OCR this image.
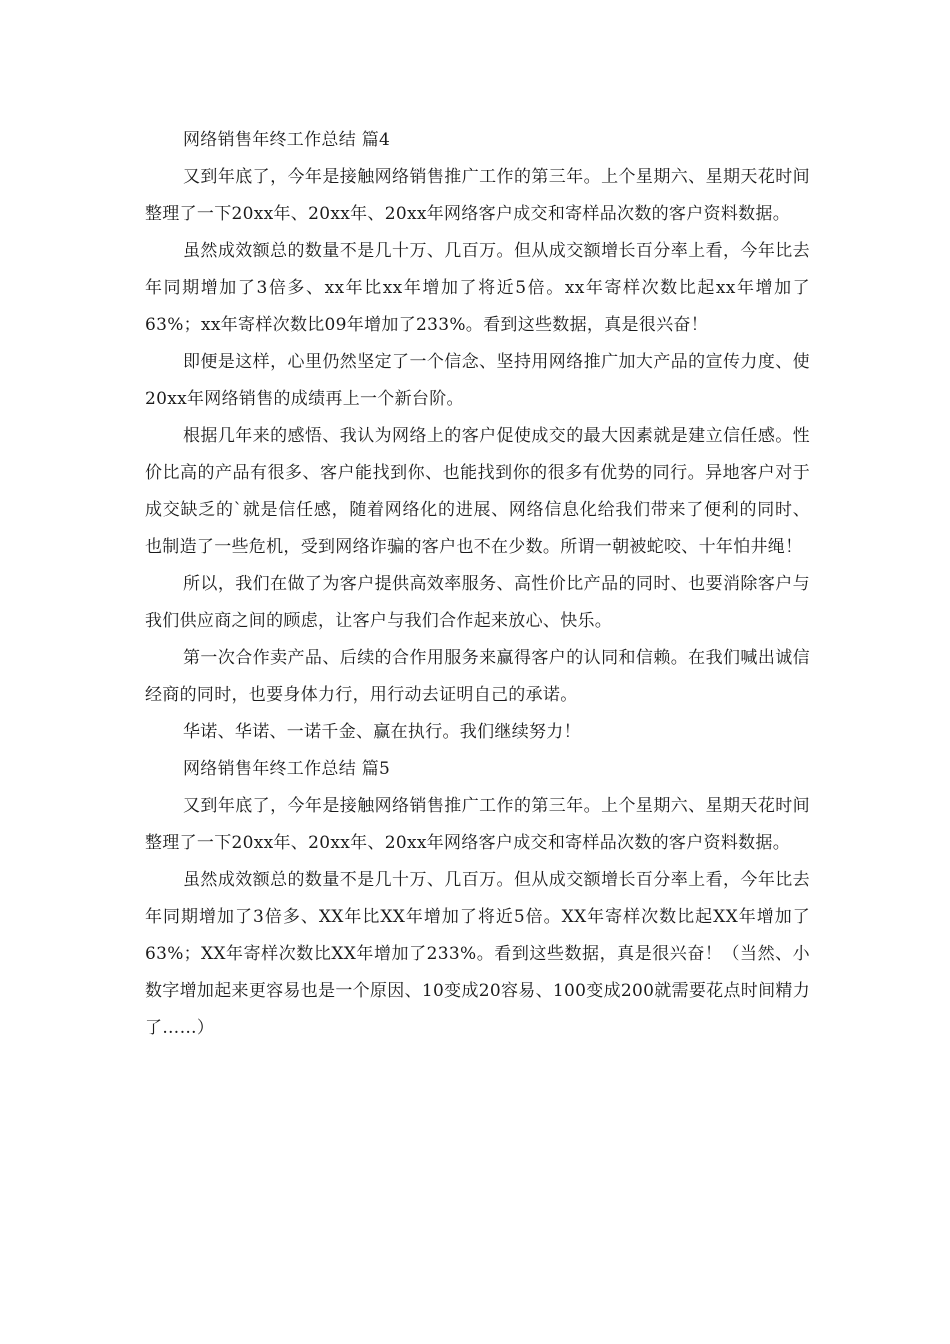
网络销售年终工作总结 篇4

又到年底了，今年是接触网络销售推广工作的第三年。上个星期六、星期天花时间整理了一下20xx年、20xx年、20xx年网络客户成交和寄样品次数的客户资料数据。

虽然成效额总的数量不是几十万、几百万。但从成交额增长百分率上看，今年比去年同期增加了3倍多、xx年比xx年增加了将近5倍。xx年寄样次数比起xx年增加了63%；xx年寄样次数比09年增加了233%。看到这些数据，真是很兴奋！

即便是这样，心里仍然坚定了一个信念、坚持用网络推广加大产品的宣传力度、使20xx年网络销售的成绩再上一个新台阶。

根据几年来的感悟、我认为网络上的客户促使成交的最大因素就是建立信任感。性价比高的产品有很多、客户能找到你、也能找到你的很多有优势的同行。异地客户对于成交缺乏的`就是信任感，随着网络化的进展、网络信息化给我们带来了便利的同时、也制造了一些危机，受到网络诈骗的客户也不在少数。所谓一朝被蛇咬、十年怕井绳！

所以，我们在做了为客户提供高效率服务、高性价比产品的同时、也要消除客户与我们供应商之间的顾虑，让客户与我们合作起来放心、快乐。

第一次合作卖产品、后续的合作用服务来赢得客户的认同和信赖。在我们喊出诚信经商的同时，也要身体力行，用行动去证明自己的承诺。

华诺、华诺、一诺千金、赢在执行。我们继续努力！

网络销售年终工作总结 篇5

又到年底了，今年是接触网络销售推广工作的第三年。上个星期六、星期天花时间整理了一下20xx年、20xx年、20xx年网络客户成交和寄样品次数的客户资料数据。

虽然成效额总的数量不是几十万、几百万。但从成交额增长百分率上看，今年比去年同期增加了3倍多、XX年比XX年增加了将近5倍。XX年寄样次数比起XX年增加了63%；XX年寄样次数比XX年增加了233%。看到这些数据，真是很兴奋！（当然、小数字增加起来更容易也是一个原因、10变成20容易、100变成200就需要花点时间精力了……）
